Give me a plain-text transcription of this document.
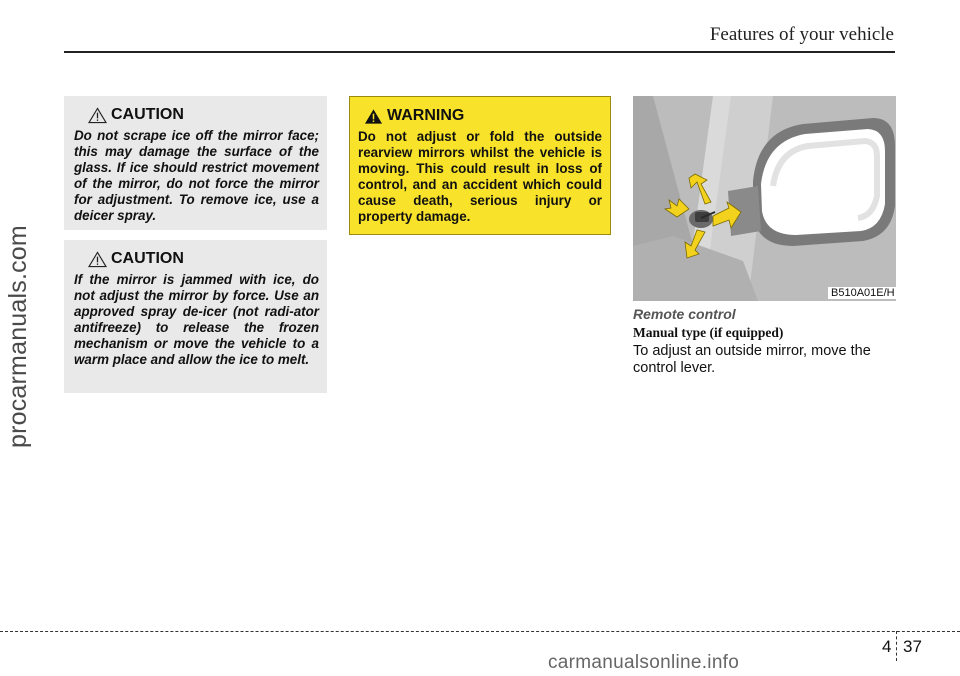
procarmanuals.com
Features of your vehicle
CAUTION

Do not scrape ice off the mirror face; this may damage the surface of the glass. If ice should restrict movement of the mirror, do not force the mirror for adjustment. To remove ice, use a deicer spray.

CAUTION

If the mirror is jammed with ice, do not adjust the mirror by force. Use an approved spray de-icer (not radi-ator antifreeze) to release the frozen mechanism or move the vehicle to a warm place and allow the ice to melt.

WARNING

Do not adjust or fold the outside rearview mirrors whilst the vehicle is moving. This could result in loss of control, and an accident which could cause death, serious injury or property damage.

B510A01E/H
Remote control
Manual type (if equipped)

To adjust an outside mirror, move the control lever.

4 37
carmanualsonline.info
